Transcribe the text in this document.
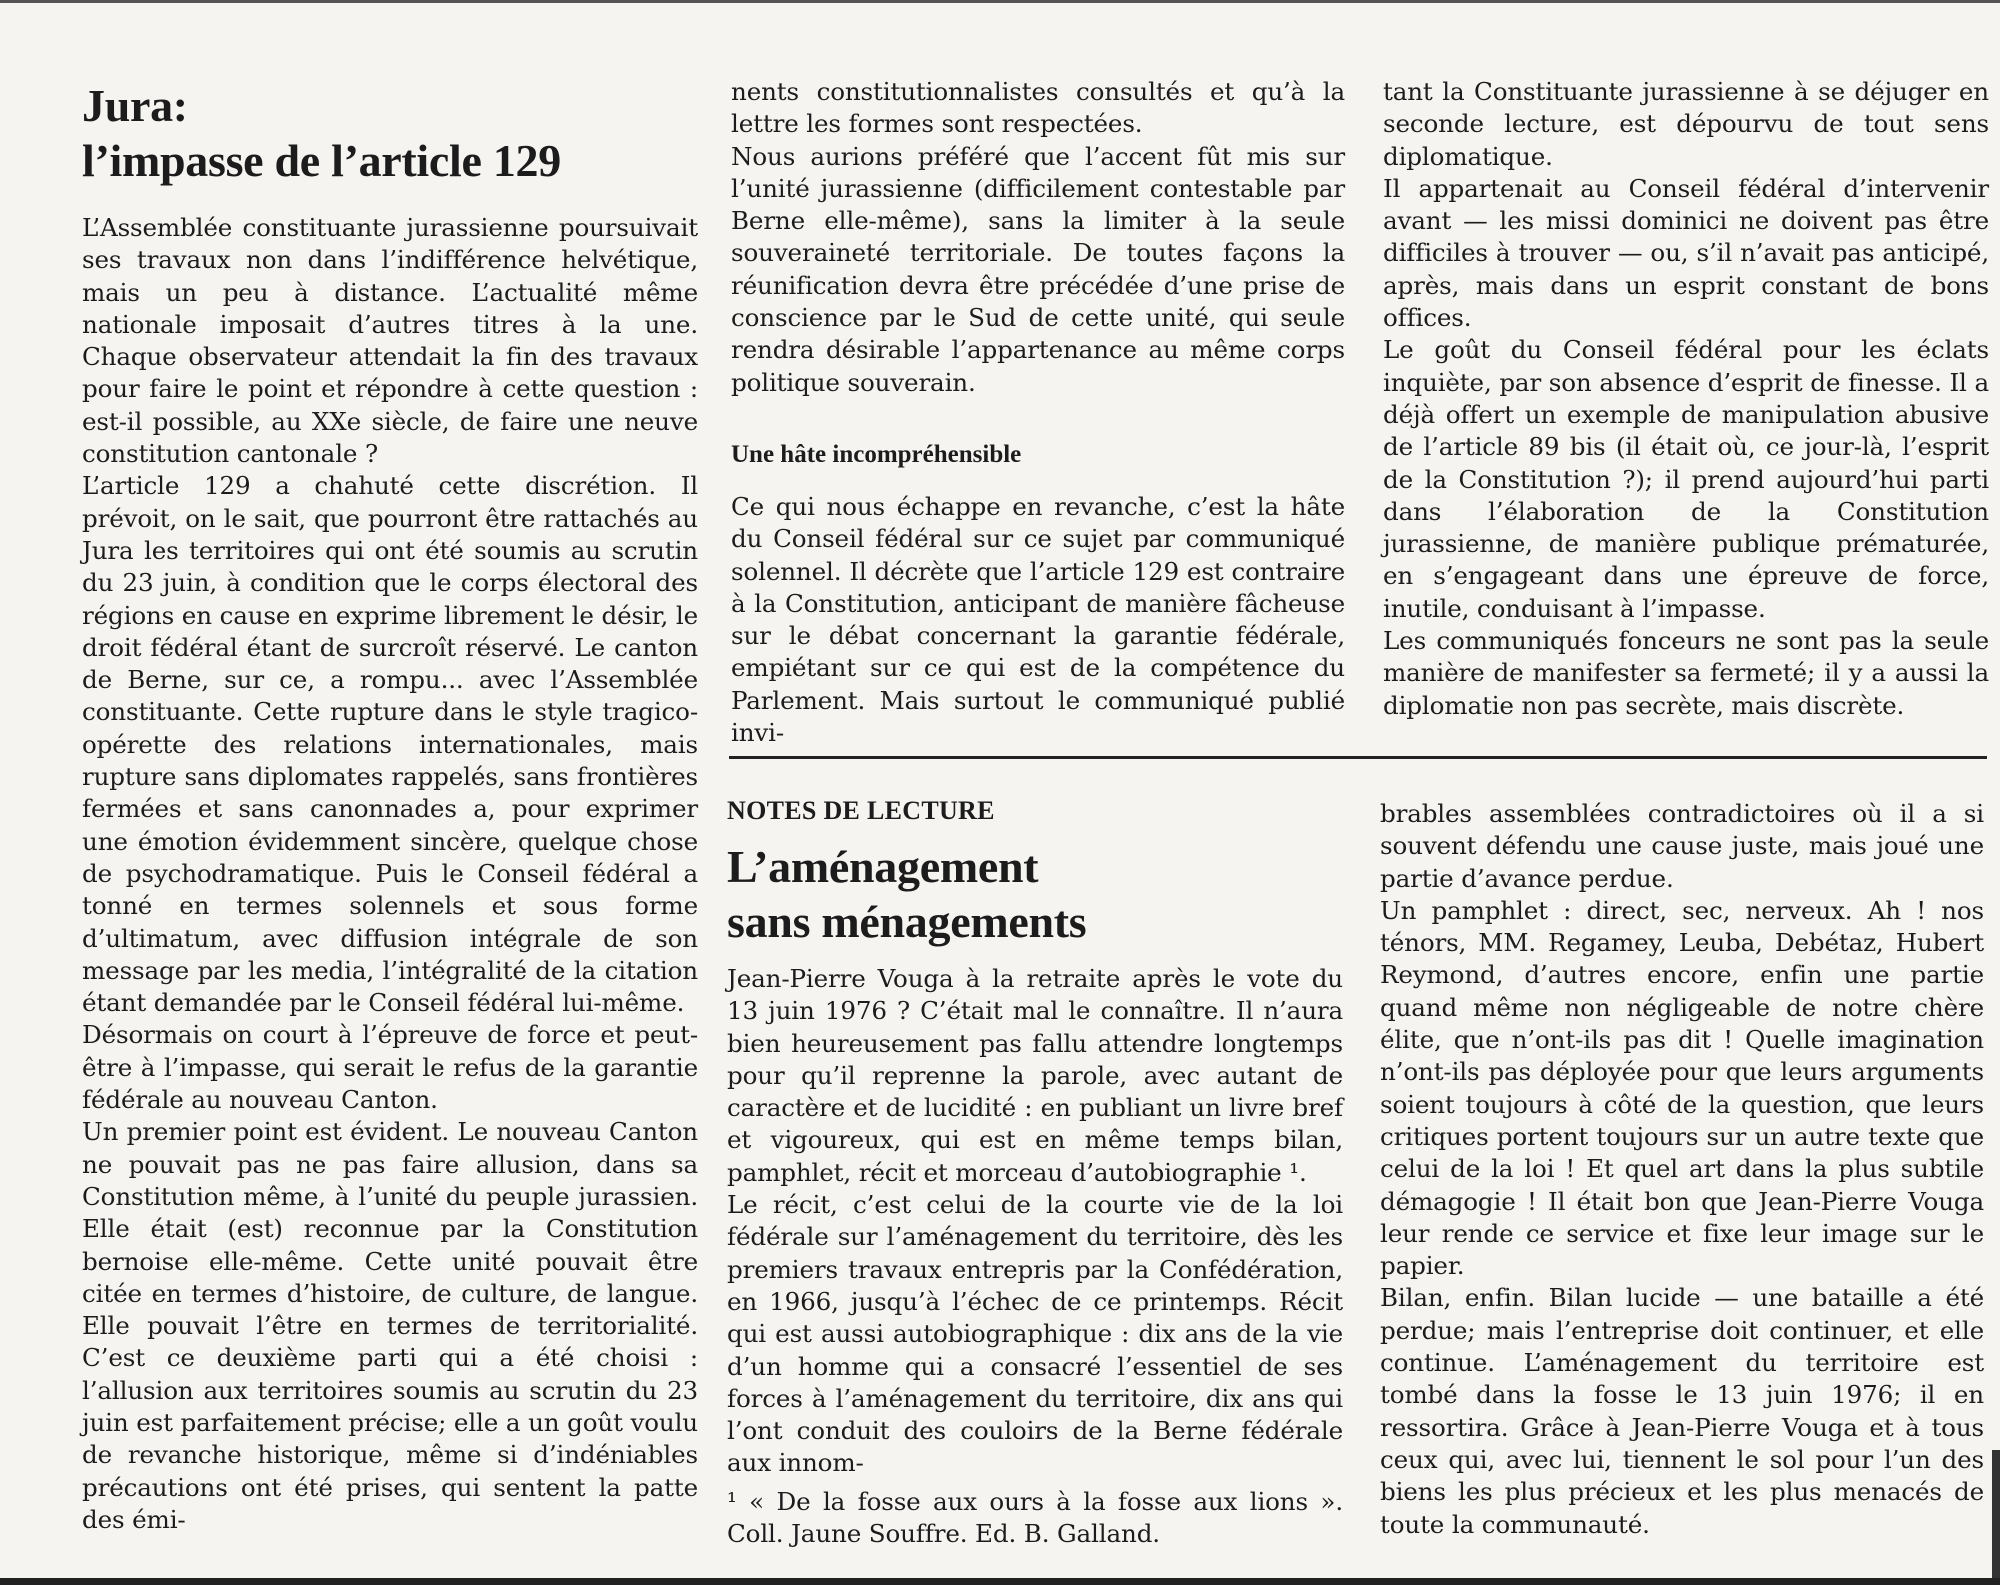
Jura:
l’impasse de l’article 129

L’Assemblée constituante jurassienne poursuivait ses travaux non dans l’indifférence helvétique, mais un peu à distance. L’actualité même nationale imposait d’autres titres à la une. Chaque observateur attendait la fin des travaux pour faire le point et répondre à cette question : est-il possible, au XXe siècle, de faire une neuve constitution cantonale ?

L’article 129 a chahuté cette discrétion. Il prévoit, on le sait, que pourront être rattachés au Jura les territoires qui ont été soumis au scrutin du 23 juin, à condition que le corps électoral des régions en cause en exprime librement le désir, le droit fédéral étant de surcroît réservé. Le canton de Berne, sur ce, a rompu... avec l’Assemblée constituante. Cette rupture dans le style tragico-opérette des relations internationales, mais rupture sans diplomates rappelés, sans frontières fermées et sans canonnades a, pour exprimer une émotion évidemment sincère, quelque chose de psychodramatique. Puis le Conseil fédéral a tonné en termes solennels et sous forme d’ultimatum, avec diffusion intégrale de son message par les media, l’intégralité de la citation étant demandée par le Conseil fédéral lui-même.

Désormais on court à l’épreuve de force et peut-être à l’impasse, qui serait le refus de la garantie fédérale au nouveau Canton.

Un premier point est évident. Le nouveau Canton ne pouvait pas ne pas faire allusion, dans sa Constitution même, à l’unité du peuple jurassien. Elle était (est) reconnue par la Constitution bernoise elle-même. Cette unité pouvait être citée en termes d’histoire, de culture, de langue. Elle pouvait l’être en termes de territorialité. C’est ce deuxième parti qui a été choisi : l’allusion aux territoires soumis au scrutin du 23 juin est parfaitement précise; elle a un goût voulu de revanche historique, même si d’indéniables précautions ont été prises, qui sentent la patte des émi-

nents constitutionnalistes consultés et qu’à la lettre les formes sont respectées.

Nous aurions préféré que l’accent fût mis sur l’unité jurassienne (difficilement contestable par Berne elle-même), sans la limiter à la seule souveraineté territoriale. De toutes façons la réunification devra être précédée d’une prise de conscience par le Sud de cette unité, qui seule rendra désirable l’appartenance au même corps politique souverain.

Une hâte incompréhensible

Ce qui nous échappe en revanche, c’est la hâte du Conseil fédéral sur ce sujet par communiqué solennel. Il décrète que l’article 129 est contraire à la Constitution, anticipant de manière fâcheuse sur le débat concernant la garantie fédérale, empiétant sur ce qui est de la compétence du Parlement. Mais surtout le communiqué publié invi-

tant la Constituante jurassienne à se déjuger en seconde lecture, est dépourvu de tout sens diplomatique.

Il appartenait au Conseil fédéral d’intervenir avant — les missi dominici ne doivent pas être difficiles à trouver — ou, s’il n’avait pas anticipé, après, mais dans un esprit constant de bons offices.

Le goût du Conseil fédéral pour les éclats inquiète, par son absence d’esprit de finesse. Il a déjà offert un exemple de manipulation abusive de l’article 89 bis (il était où, ce jour-là, l’esprit de la Constitution ?); il prend aujourd’hui parti dans l’élaboration de la Constitution jurassienne, de manière publique prématurée, en s’engageant dans une épreuve de force, inutile, conduisant à l’impasse.

Les communiqués fonceurs ne sont pas la seule manière de manifester sa fermeté; il y a aussi la diplomatie non pas secrète, mais discrète.

NOTES DE LECTURE
L’aménagement
sans ménagements

Jean-Pierre Vouga à la retraite après le vote du 13 juin 1976 ? C’était mal le connaître. Il n’aura bien heureusement pas fallu attendre longtemps pour qu’il reprenne la parole, avec autant de caractère et de lucidité : en publiant un livre bref et vigoureux, qui est en même temps bilan, pamphlet, récit et morceau d’autobiographie ¹.

Le récit, c’est celui de la courte vie de la loi fédérale sur l’aménagement du territoire, dès les premiers travaux entrepris par la Confédération, en 1966, jusqu’à l’échec de ce printemps. Récit qui est aussi autobiographique : dix ans de la vie d’un homme qui a consacré l’essentiel de ses forces à l’aménagement du territoire, dix ans qui l’ont conduit des couloirs de la Berne fédérale aux innom-

¹ « De la fosse aux ours à la fosse aux lions ». Coll. Jaune Souffre. Ed. B. Galland.

brables assemblées contradictoires où il a si souvent défendu une cause juste, mais joué une partie d’avance perdue.

Un pamphlet : direct, sec, nerveux. Ah ! nos ténors, MM. Regamey, Leuba, Debétaz, Hubert Reymond, d’autres encore, enfin une partie quand même non négligeable de notre chère élite, que n’ont-ils pas dit ! Quelle imagination n’ont-ils pas déployée pour que leurs arguments soient toujours à côté de la question, que leurs critiques portent toujours sur un autre texte que celui de la loi ! Et quel art dans la plus subtile démagogie ! Il était bon que Jean-Pierre Vouga leur rende ce service et fixe leur image sur le papier.

Bilan, enfin. Bilan lucide — une bataille a été perdue; mais l’entreprise doit continuer, et elle continue. L’aménagement du territoire est tombé dans la fosse le 13 juin 1976; il en ressortira. Grâce à Jean-Pierre Vouga et à tous ceux qui, avec lui, tiennent le sol pour l’un des biens les plus précieux et les plus menacés de toute la communauté.
